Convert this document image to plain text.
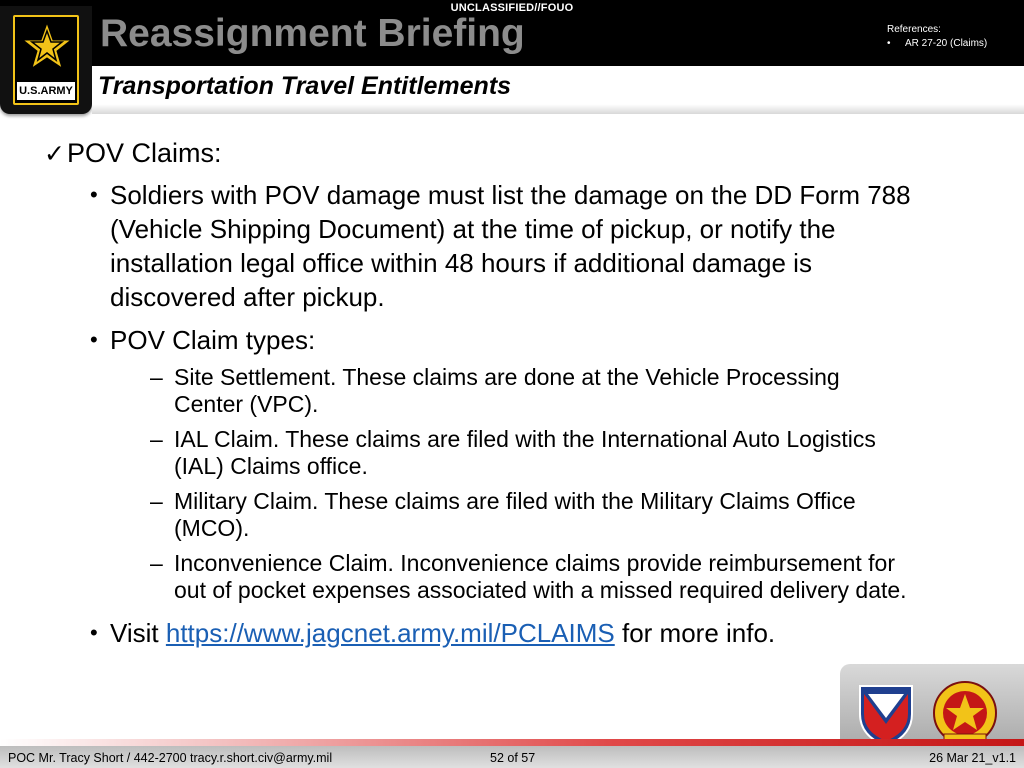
UNCLASSIFIED//FOUO
Reassignment Briefing	References:
•	AR 27-20 (Claims)
U.S.ARMY Transportation Travel Entitlements
✓ POV Claims:
• Soldiers with POV damage must list the damage on the DD Form 788
(Vehicle Shipping Document) at the time of pickup, or notify the
installation legal office within 48 hours if additional damage is
discovered after pickup.
• POV Claim types:
– Site Settlement. These claims are done at the Vehicle Processing
Center (VPC).
– IAL Claim. These claims are filed with the International Auto Logistics
(IAL) Claims office.
– Military Claim. These claims are filed with the Military Claims Office
(MCO).
– Inconvenience Claim. Inconvenience claims provide reimbursement for
out of pocket expenses associated with a missed required delivery date.
• Visit https://www.jagcnet.army.mil/PCLAIMS for more info.
POC Mr. Tracy Short / 442-2700 tracy.r.short.civ@army.mil	52 of 57	26 Mar 21_v1.1
